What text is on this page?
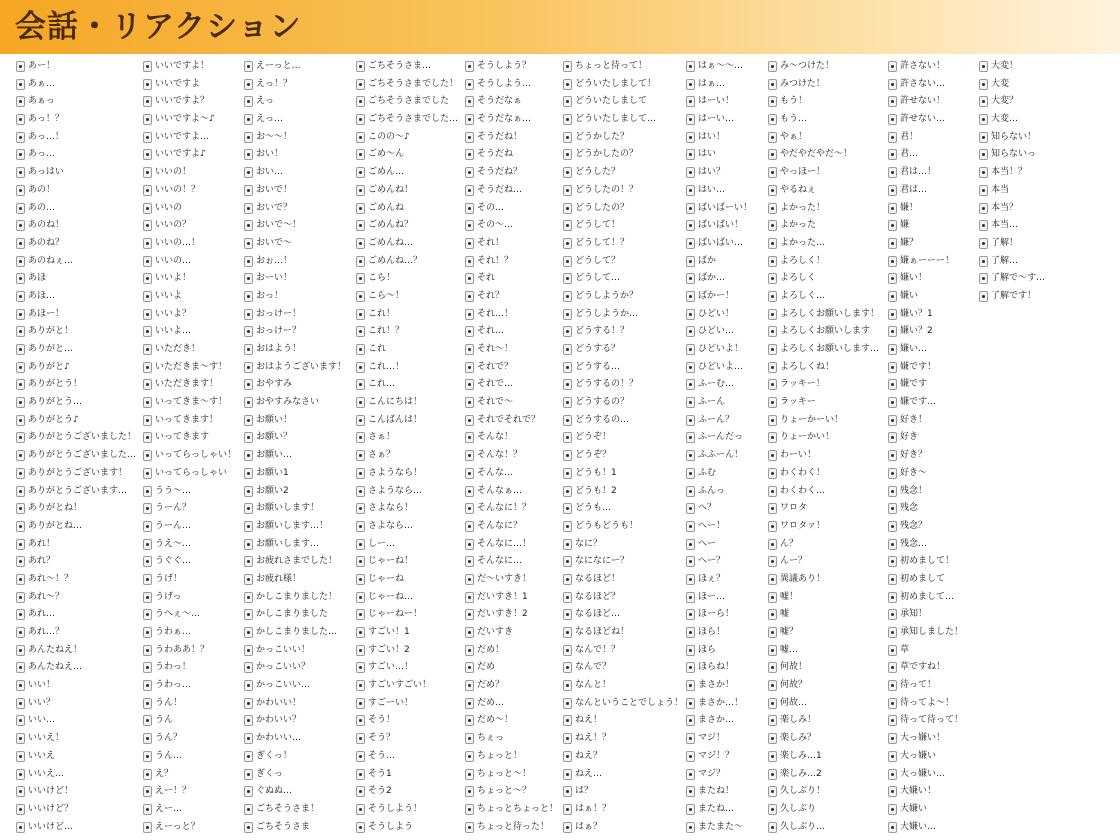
会話・リアクション
あー！
あぁ…
あぁっ
あっ！？
あっ…！
あっ…
あっはい
あの！
あの…
あのね！
あのね？
あのねぇ…
あほ
あほ…
あほー！
ありがと！
ありがと…
ありがと♪
ありがとう！
ありがとう…
ありがとう♪
ありがとうございました！
ありがとうございました…
ありがとうございます！
ありがとうございます…
ありがとね！
ありがとね…
あれ！
あれ？
あれ〜！？
あれ〜？
あれ…
あれ…？
あんたねえ！
あんたねえ…
いい！
いい？
いい…
いいえ！
いいえ
いいえ…
いいけど！
いいけど？
いいけど…
いいですよ！
いいですよ
いいですよ？
いいですよ〜♪
いいですよ…
いいですよ♪
いいの！
いいの！？
いいの
いいの？
いいの…！
いいの…
いいよ！
いいよ
いいよ？
いいよ…
いただき！
いただきま〜す！
いただきます！
いってきま〜す！
いってきます！
いってきます
いってらっしゃい！
いってらっしゃい
うう〜…
うーん？
うーん…
うえ〜…
うぐぐ…
うげ！
うげっ
うへぇ〜…
うわぁ…
うわああ！？
うわっ！
うわっ…
うん！
うん
うん？
うん…
え？
えー！？
えー…
えーっと？
えーっと…
えっ！？
えっ
えっ…
お〜〜！
おい！
おい…
おいで！
おいで？
おいで〜！
おいで〜
おぉ…！
おーい！
おっ！
おっけー！
おっけー？
おはよう！
おはようございます！
おやすみ
おやすみなさい
お願い！
お願い？
お願い…
お願い1
お願い2
お願いします！
お願いします…！
お願いします…
お疲れさまでした！
お疲れ様！
かしこまりました！
かしこまりました
かしこまりました…
かっこいい！
かっこいい？
かっこいい…
かわいい！
かわいい？
かわいい…
ぎくっ！
ぎくっ
ぐぬぬ…
ごちそうさま！
ごちそうさま
ごちそうさま…
ごちそうさまでした！
ごちそうさまでした
ごちそうさまでした…
このの〜♪
ごめ〜ん
ごめん…
ごめんね！
ごめんね
ごめんね？
ごめんね…
ごめんね…？
こら！
こら〜！
これ！
これ！？
これ
これ…！
これ…
こんにちは！
こんばんは！
さぁ！
さぁ？
さようなら！
さようなら…
さよなら！
さよなら…
しー…
じゃーね！
じゃーね
じゃーね…
じゃーねー！
すごい！1
すごい！2
すごい…！
すごいすごい！
すごーい！
そう！
そう？
そう…
そう1
そう2
そうしよう！
そうしよう
そうしよう？
そうしよう…
そうだなぁ
そうだなぁ…
そうだね！
そうだね
そうだね？
そうだね…
その…
その〜…
それ！
それ！？
それ
それ？
それ…！
それ…
それ〜！
それで？
それで…
それで〜
それでそれで？
そんな！
そんな！？
そんな…
そんなぁ…
そんなに！？
そんなに？
そんなに…！
そんなに…
だ〜いすき！
だいすき！1
だいすき！2
だいすき
だめ！
だめ
だめ？
だめ…
だめ〜！
ちぇっ
ちょっと！
ちょっと〜！
ちょっと〜？
ちょっとちょっと！
ちょっと待った！
ちょっと待って！
どういたしまして！
どういたしまして
どういたしまして…
どうかした？
どうかしたの？
どうした？
どうしたの！？
どうしたの？
どうして！
どうして！？
どうして？
どうして…
どうしようか？
どうしようか…
どうする！？
どうする？
どうする…
どうするの！？
どうするの？
どうするの…
どうぞ！
どうぞ？
どうも！1
どうも！2
どうも…
どうもどうも！
なに？
なになにー？
なるほど！
なるほど？
なるほど…
なるほどね！
なんで！？
なんで？
なんと！
なんということでしょう！
ねえ！
ねえ！？
ねえ？
ねえ…
は？
はぁ！？
はぁ？
はぁ〜〜…
はぁ…
はーい！
はーい…
はい！
はい
はい？
はい…
ばいばーい！
ばいばい！
ばいばい…
ばか
ばか…
ばかー！
ひどい！
ひどい…
ひどいよ！
ひどいよ…
ふーむ…
ふーん
ふーん？
ふーんだっ
ふふーん！
ふむ
ふんっ
へ？
へー！
へー
へー？
ほぇ？
ほー…
ほーら！
ほら！
ほら
ほらね！
まさか！
まさか…！
まさか…
マジ！
マジ！？
マジ？
またね！
またね…
またまた〜
み〜つけた！
みつけた！
もう！
もう…
やぁ！
やだやだやだ〜！
やっほー！
やるねぇ
よかった！
よかった
よかった…
よろしく！
よろしく
よろしく…
よろしくお願いします！
よろしくお願いします
よろしくお願いします…
よろしくね！
ラッキー！
ラッキー
りょーかーい！
りょーかい！
わーい！
わくわく！
わくわく…
ワロタ
ワロタァ！
ん？
んー？
異議あり！
嘘！
嘘
嘘？
嘘…
何故！
何故？
何故…
楽しみ！
楽しみ？
楽しみ…1
楽しみ…2
久しぶり！
久しぶり
久しぶり…
許さない！
許さない…
許せない！
許せない…
君！
君…
君は…！
君は…
嫌！
嫌
嫌？
嫌ぁーーー！
嫌い！
嫌い
嫌い？1
嫌い？2
嫌い…
嫌です！
嫌です
嫌です…
好き！
好き
好き？
好き〜
残念！
残念
残念？
残念…
初めまして！
初めまして
初めまして…
承知！
承知しました！
草
草ですね！
待って！
待ってよ〜！
待って待って！
大っ嫌い！
大っ嫌い
大っ嫌い…
大嫌い！
大嫌い
大嫌い…
大変！
大変
大変？
大変…
知らない！
知らないっ
本当！？
本当
本当？
本当…
了解！
了解…
了解で〜す…
了解です！
